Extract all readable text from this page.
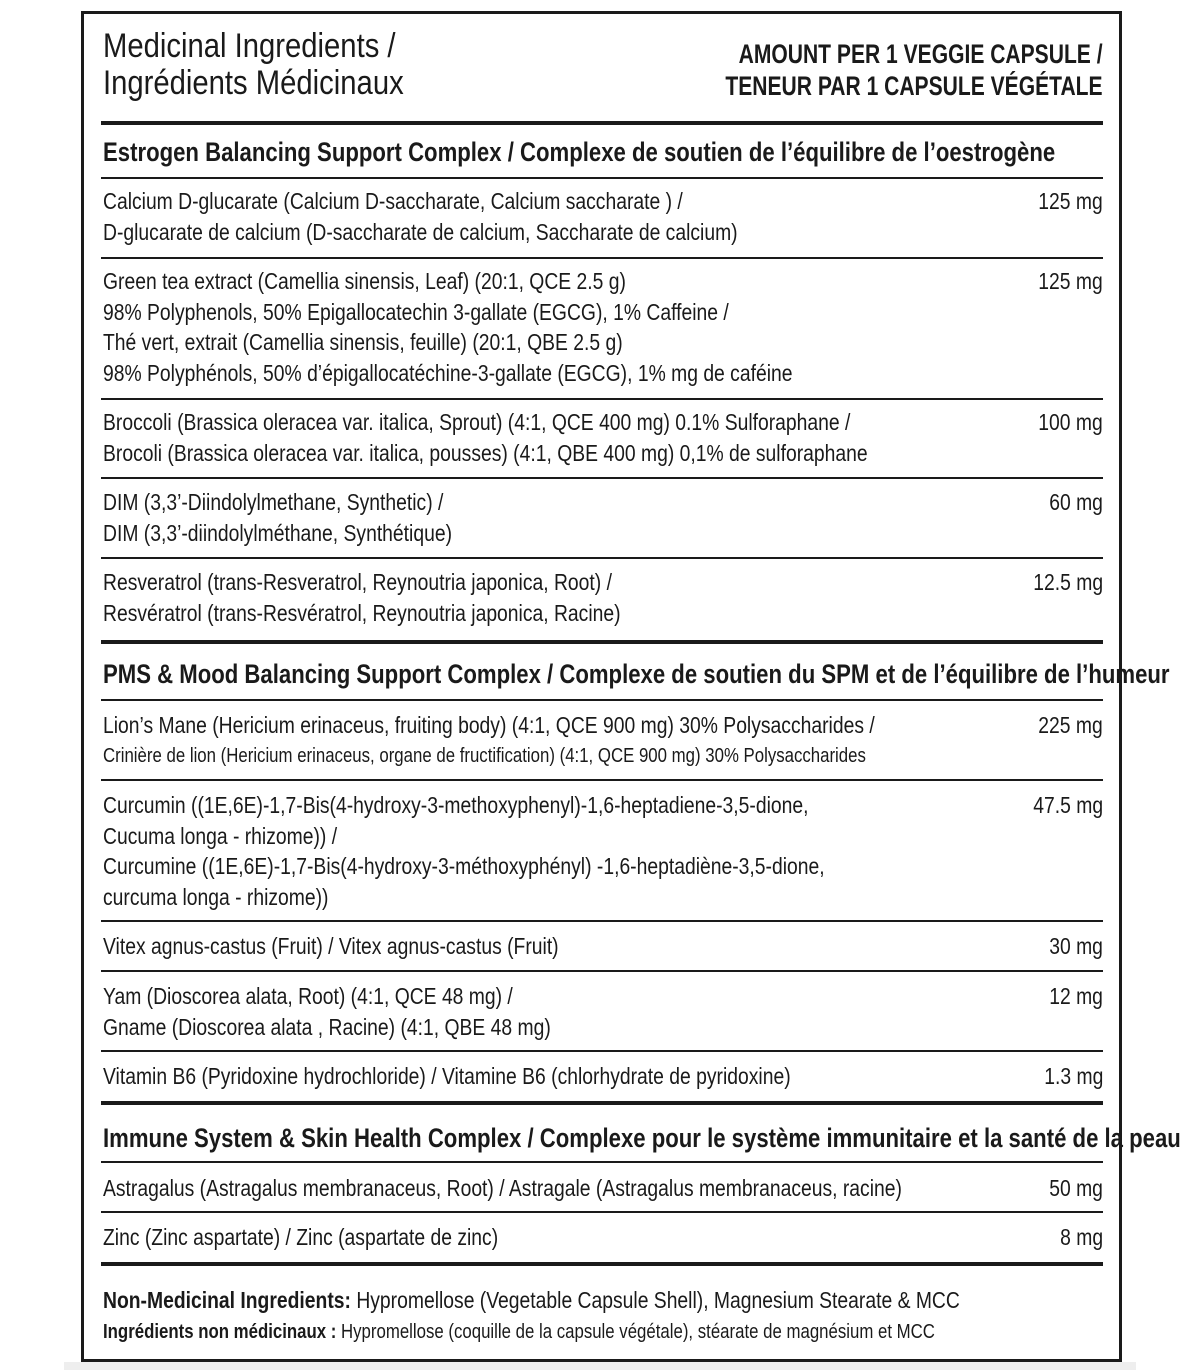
Medicinal Ingredients /
Ingrédients Médicinaux
AMOUNT PER 1 VEGGIE CAPSULE /
TENEUR PAR 1 CAPSULE VÉGÉTALE
Estrogen Balancing Support Complex / Complexe de soutien de l’équilibre de l’oestrogène
Calcium D-glucarate (Calcium D-saccharate, Calcium saccharate ) /
D-glucarate de calcium (D-saccharate de calcium, Saccharate de calcium)
125 mg
Green tea extract (Camellia sinensis, Leaf) (20:1, QCE 2.5 g)
98% Polyphenols, 50% Epigallocatechin 3-gallate (EGCG), 1% Caffeine /
Thé vert, extrait (Camellia sinensis, feuille) (20:1, QBE 2.5 g)
98% Polyphénols, 50% d’épigallocatéchine-3-gallate (EGCG), 1% mg de caféine
125 mg
Broccoli (Brassica oleracea var. italica, Sprout) (4:1, QCE 400 mg) 0.1% Sulforaphane /
Brocoli (Brassica oleracea var. italica, pousses) (4:1, QBE 400 mg) 0,1% de sulforaphane
100 mg
DIM (3,3’-Diindolylmethane, Synthetic) /
DIM (3,3’-diindolylméthane, Synthétique)
60 mg
Resveratrol (trans-Resveratrol, Reynoutria japonica, Root) /
Resvératrol (trans-Resvératrol, Reynoutria japonica, Racine)
12.5 mg
PMS & Mood Balancing Support Complex / Complexe de soutien du SPM et de l’équilibre de l’humeur
Lion’s Mane (Hericium erinaceus, fruiting body) (4:1, QCE 900 mg) 30% Polysaccharides /
Crinière de lion (Hericium erinaceus, organe de fructification) (4:1, QCE 900 mg) 30% Polysaccharides
225 mg
Curcumin ((1E,6E)-1,7-Bis(4-hydroxy-3-methoxyphenyl)-1,6-heptadiene-3,5-dione,
Cucuma longa - rhizome)) /
Curcumine ((1E,6E)-1,7-Bis(4-hydroxy-3-méthoxyphényl) -1,6-heptadiène-3,5-dione,
curcuma longa - rhizome))
47.5 mg
Vitex agnus-castus (Fruit) / Vitex agnus-castus (Fruit)	30 mg
Yam (Dioscorea alata, Root) (4:1, QCE 48 mg) /
Gname (Dioscorea alata , Racine) (4:1, QBE 48 mg)
12 mg
Vitamin B6 (Pyridoxine hydrochloride) / Vitamine B6 (chlorhydrate de pyridoxine)	1.3 mg
Immune System & Skin Health Complex / Complexe pour le système immunitaire et la santé de la peau
Astragalus (Astragalus membranaceus, Root) / Astragale (Astragalus membranaceus, racine)	50 mg
Zinc (Zinc aspartate) / Zinc (aspartate de zinc)	8 mg
Non-Medicinal Ingredients: Hypromellose (Vegetable Capsule Shell), Magnesium Stearate & MCC
Ingrédients non médicinaux : Hypromellose (coquille de la capsule végétale), stéarate de magnésium et MCC
